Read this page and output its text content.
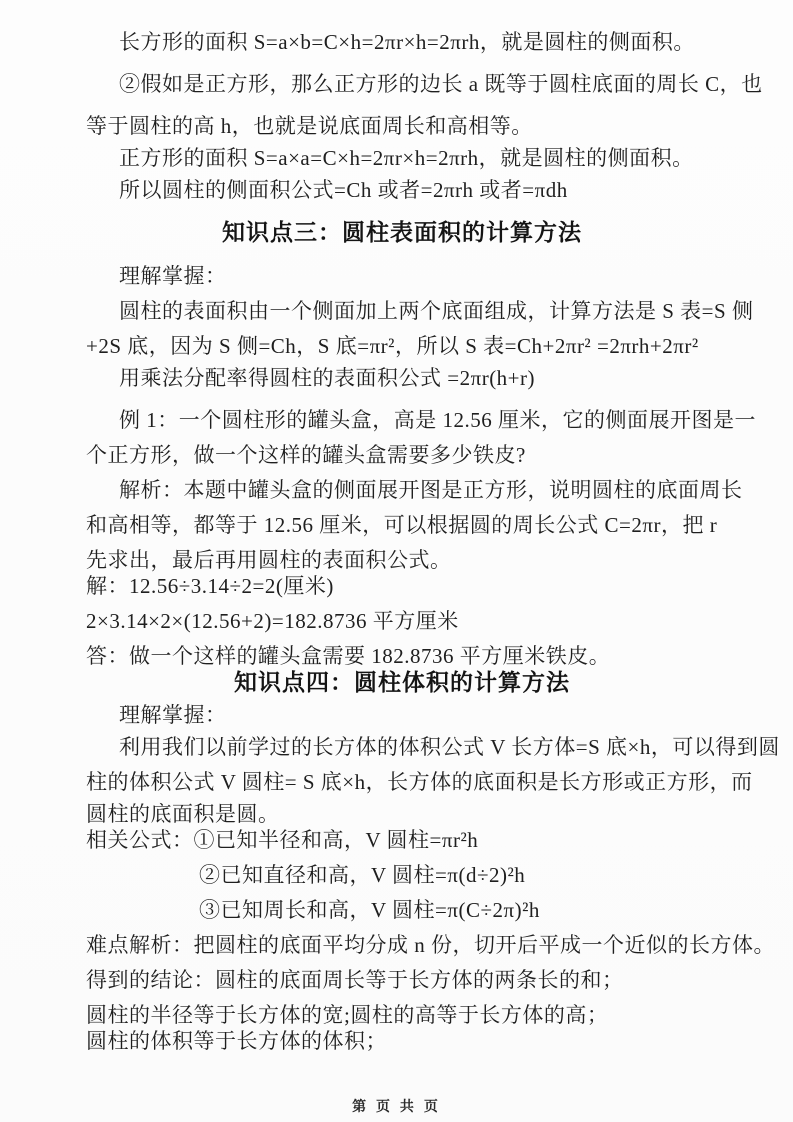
长方形的面积 S=a×b=C×h=2πr×h=2πrh，就是圆柱的侧面积。
②假如是正方形，那么正方形的边长 a 既等于圆柱底面的周长 C，也
等于圆柱的高 h，也就是说底面周长和高相等。
正方形的面积 S=a×a=C×h=2πr×h=2πrh，就是圆柱的侧面积。
所以圆柱的侧面积公式=Ch 或者=2πrh 或者=πdh
知识点三：圆柱表面积的计算方法
理解掌握：
圆柱的表面积由一个侧面加上两个底面组成，计算方法是 S 表=S 侧
+2S 底，因为 S 侧=Ch，S 底=πr²，所以 S 表=Ch+2πr² =2πrh+2πr²
用乘法分配率得圆柱的表面积公式 =2πr(h+r)
例 1：一个圆柱形的罐头盒，高是 12.56 厘米，它的侧面展开图是一
个正方形，做一个这样的罐头盒需要多少铁皮?
解析：本题中罐头盒的侧面展开图是正方形，说明圆柱的底面周长
和高相等，都等于 12.56 厘米，可以根据圆的周长公式 C=2πr，把 r
先求出，最后再用圆柱的表面积公式。
解：12.56÷3.14÷2=2(厘米)
2×3.14×2×(12.56+2)=182.8736 平方厘米
答：做一个这样的罐头盒需要 182.8736 平方厘米铁皮。
知识点四：圆柱体积的计算方法
理解掌握：
利用我们以前学过的长方体的体积公式 V 长方体=S 底×h，可以得到圆
柱的体积公式 V 圆柱= S 底×h，长方体的底面积是长方形或正方形，而
圆柱的底面积是圆。
相关公式：①已知半径和高，V 圆柱=πr²h
②已知直径和高，V 圆柱=π(d÷2)²h
③已知周长和高，V 圆柱=π(C÷2π)²h
难点解析：把圆柱的底面平均分成 n 份，切开后平成一个近似的长方体。
得到的结论：圆柱的底面周长等于长方体的两条长的和；
圆柱的半径等于长方体的宽;圆柱的高等于长方体的高；
圆柱的体积等于长方体的体积；
第 页 共 页
